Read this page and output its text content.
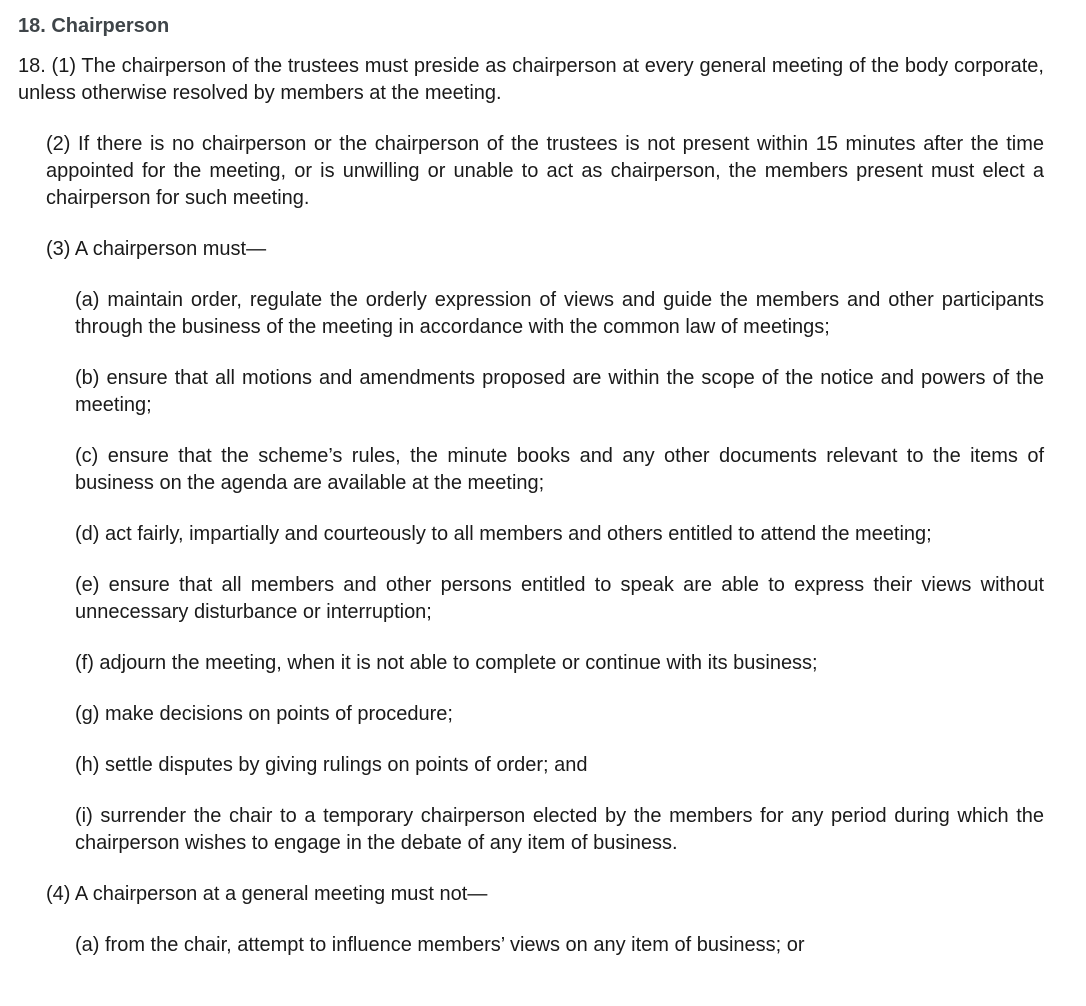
18. Chairperson

18. (1) The chairperson of the trustees must preside as chairperson at every general meeting of the body corporate, unless otherwise resolved by members at the meeting.

(2) If there is no chairperson or the chairperson of the trustees is not present within 15 minutes after the time appointed for the meeting, or is unwilling or unable to act as chairperson, the members present must elect a chairperson for such meeting.

(3) A chairperson must—

(a) maintain order, regulate the orderly expression of views and guide the members and other participants through the business of the meeting in accordance with the common law of meetings;

(b) ensure that all motions and amendments proposed are within the scope of the notice and powers of the meeting;

(c) ensure that the scheme’s rules, the minute books and any other documents relevant to the items of business on the agenda are available at the meeting;

(d) act fairly, impartially and courteously to all members and others entitled to attend the meeting;

(e) ensure that all members and other persons entitled to speak are able to express their views without unnecessary disturbance or interruption;

(f) adjourn the meeting, when it is not able to complete or continue with its business;

(g) make decisions on points of procedure;

(h) settle disputes by giving rulings on points of order; and

(i) surrender the chair to a temporary chairperson elected by the members for any period during which the chairperson wishes to engage in the debate of any item of business.

(4) A chairperson at a general meeting must not—

(a) from the chair, attempt to influence members’ views on any item of business; or
